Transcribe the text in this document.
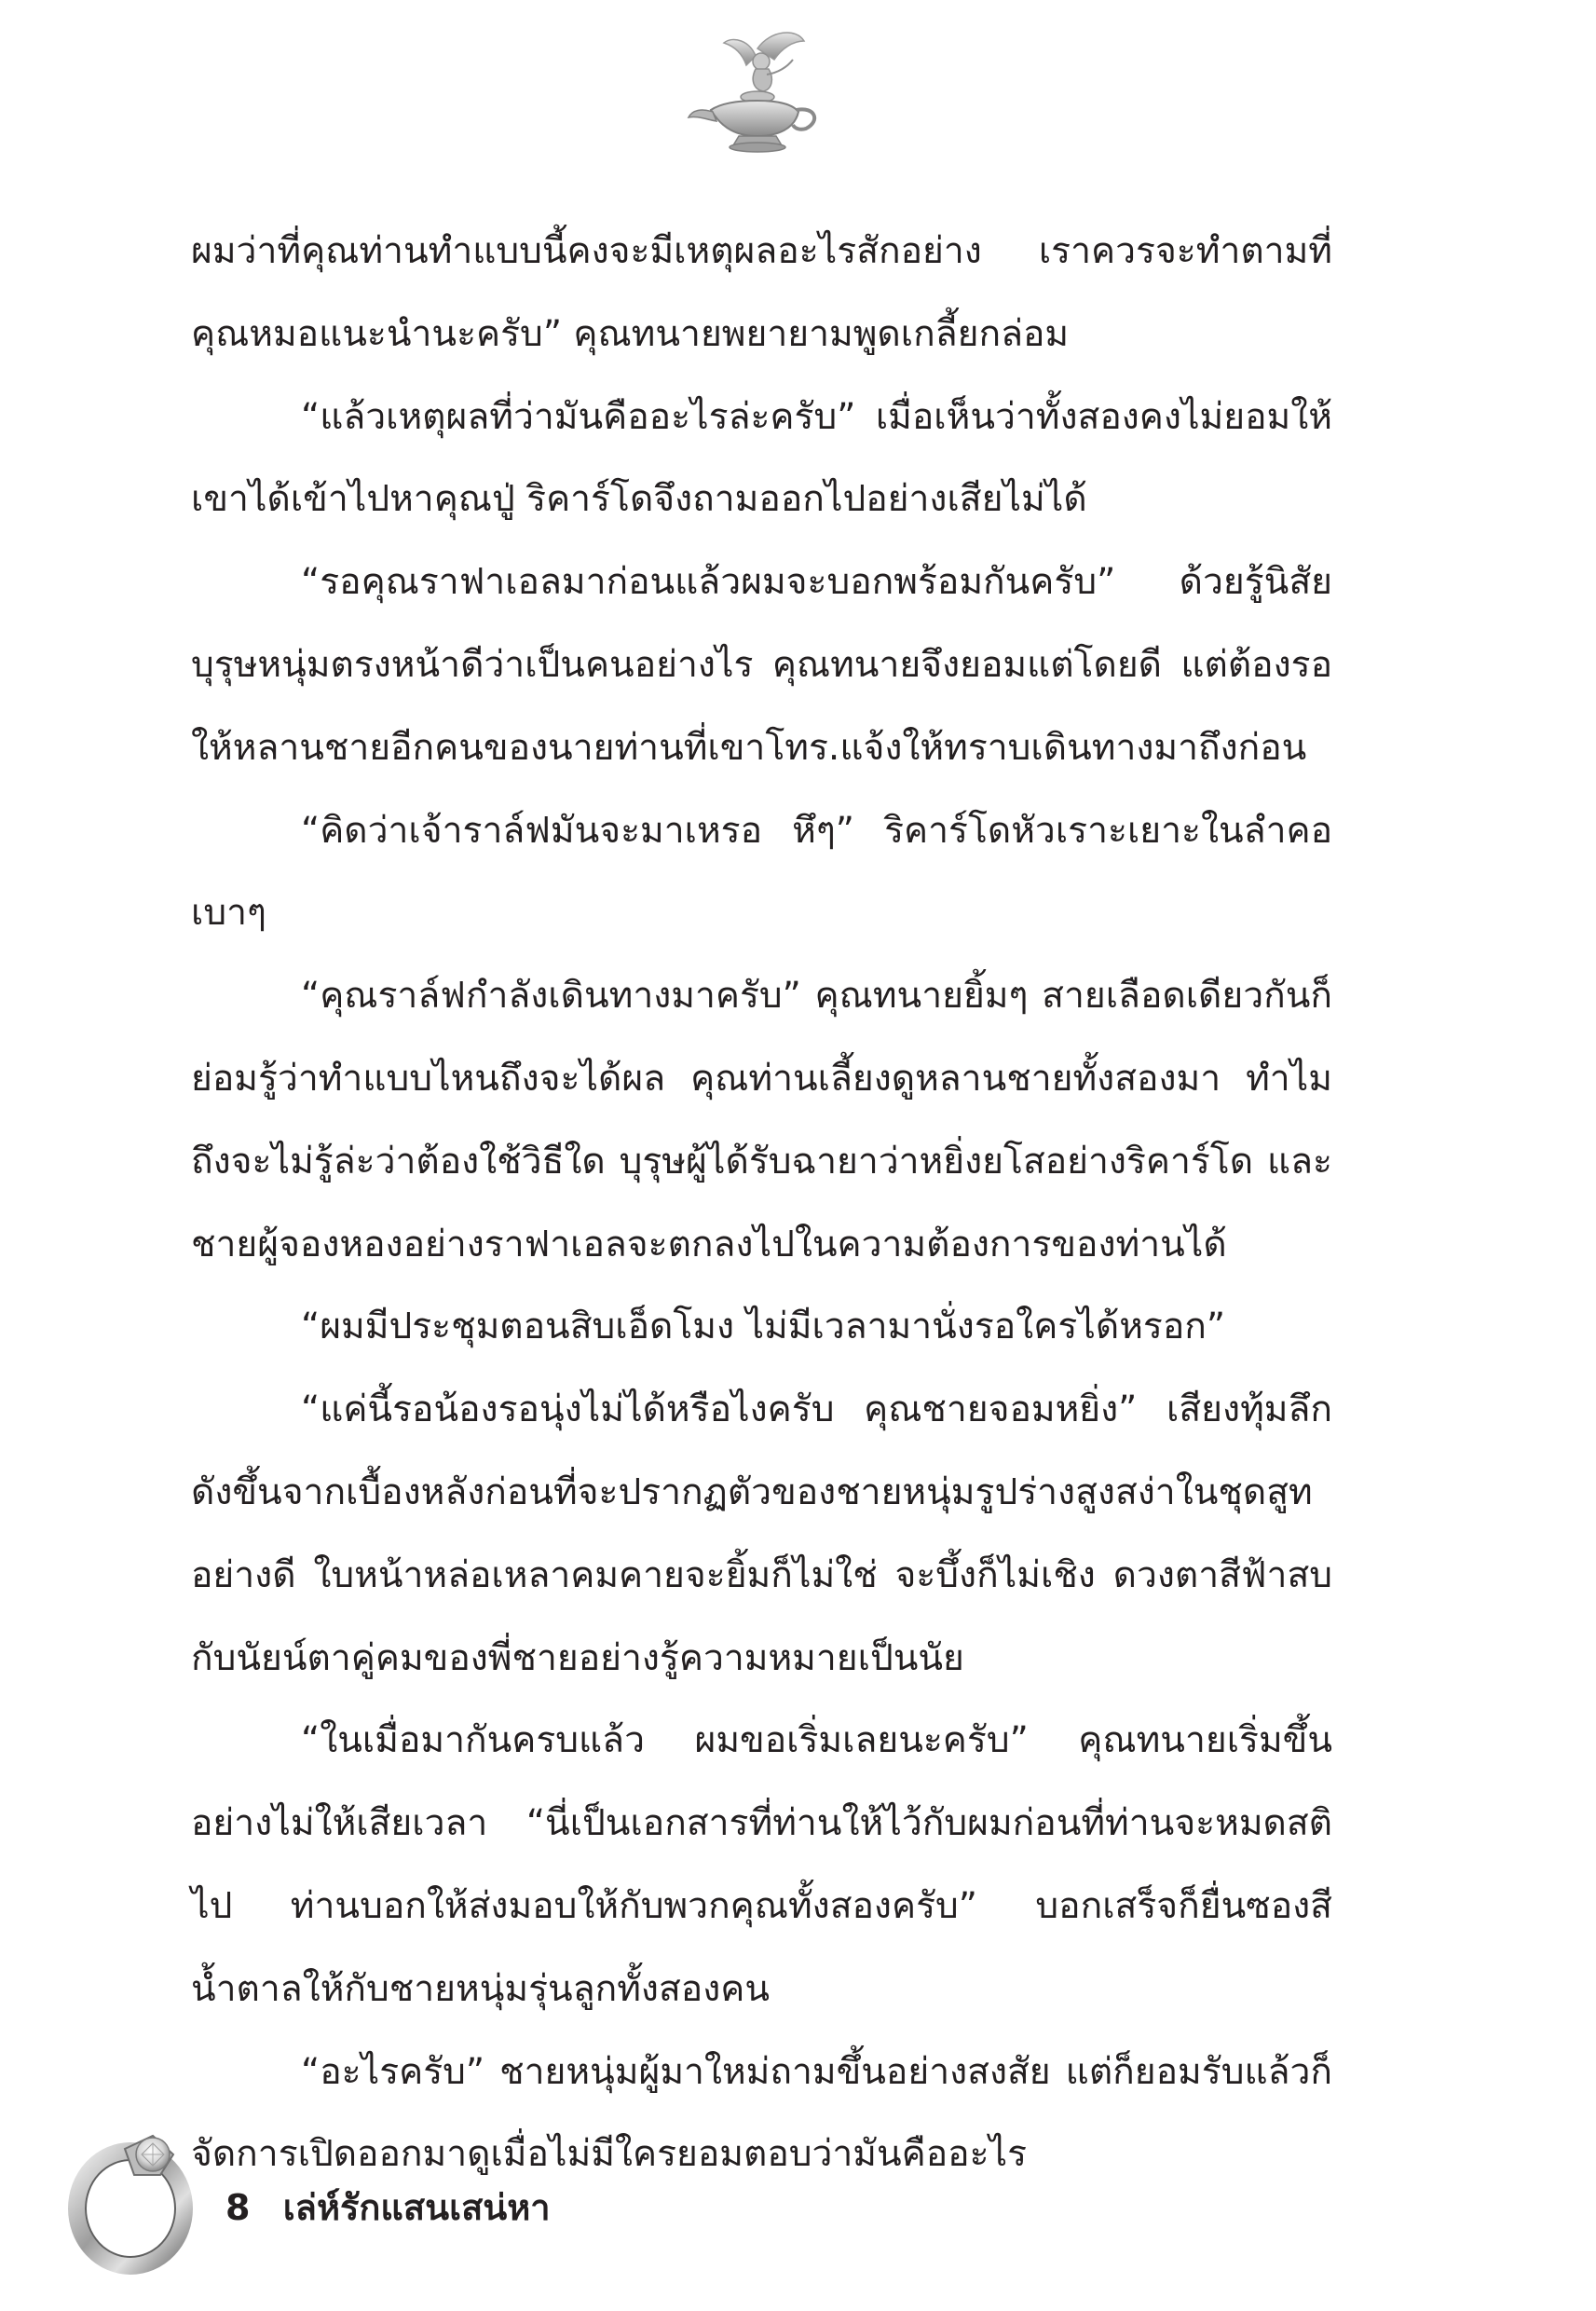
ผมว่าที่คุณท่านทำแบบนี้คงจะมีเหตุผลอะไรสักอย่าง เราควรจะทำตามที่คุณหมอแนะนำนะครับ” คุณทนายพยายามพูดเกลี้ยกล่อม

“แล้วเหตุผลที่ว่ามันคืออะไรล่ะครับ” เมื่อเห็นว่าทั้งสองคงไม่ยอมให้เขาได้เข้าไปหาคุณปู่ ริคาร์โดจึงถามออกไปอย่างเสียไม่ได้

“รอคุณราฟาเอลมาก่อนแล้วผมจะบอกพร้อมกันครับ” ด้วยรู้นิสัยบุรุษหนุ่มตรงหน้าดีว่าเป็นคนอย่างไร คุณทนายจึงยอมแต่โดยดี แต่ต้องรอให้หลานชายอีกคนของนายท่านที่เขาโทร.แจ้งให้ทราบเดินทางมาถึงก่อน

“คิดว่าเจ้าราล์ฟมันจะมาเหรอ หึๆ” ริคาร์โดหัวเราะเยาะในลำคอเบาๆ

“คุณราล์ฟกำลังเดินทางมาครับ” คุณทนายยิ้มๆ สายเลือดเดียวกันก็ย่อมรู้ว่าทำแบบไหนถึงจะได้ผล คุณท่านเลี้ยงดูหลานชายทั้งสองมา ทำไมถึงจะไม่รู้ล่ะว่าต้องใช้วิธีใด บุรุษผู้ได้รับฉายาว่าหยิ่งยโสอย่างริคาร์โด และชายผู้จองหองอย่างราฟาเอลจะตกลงไปในความต้องการของท่านได้

“ผมมีประชุมตอนสิบเอ็ดโมง ไม่มีเวลามานั่งรอใครได้หรอก”

“แค่นี้รอน้องรอนุ่งไม่ได้หรือไงครับ คุณชายจอมหยิ่ง” เสียงทุ้มลึกดังขึ้นจากเบื้องหลังก่อนที่จะปรากฏตัวของชายหนุ่มรูปร่างสูงสง่าในชุดสูทอย่างดี ใบหน้าหล่อเหลาคมคายจะยิ้มก็ไม่ใช่ จะบึ้งก็ไม่เชิง ดวงตาสีฟ้าสบกับนัยน์ตาคู่คมของพี่ชายอย่างรู้ความหมายเป็นนัย

“ในเมื่อมากันครบแล้ว ผมขอเริ่มเลยนะครับ” คุณทนายเริ่มขึ้นอย่างไม่ให้เสียเวลา “นี่เป็นเอกสารที่ท่านให้ไว้กับผมก่อนที่ท่านจะหมดสติไป ท่านบอกให้ส่งมอบให้กับพวกคุณทั้งสองครับ” บอกเสร็จก็ยื่นซองสีน้ำตาลให้กับชายหนุ่มรุ่นลูกทั้งสองคน

“อะไรครับ” ชายหนุ่มผู้มาใหม่ถามขึ้นอย่างสงสัย แต่ก็ยอมรับแล้วก็จัดการเปิดออกมาดูเมื่อไม่มีใครยอมตอบว่ามันคืออะไร

8 เล่ห์รักแสนเสน่หา
